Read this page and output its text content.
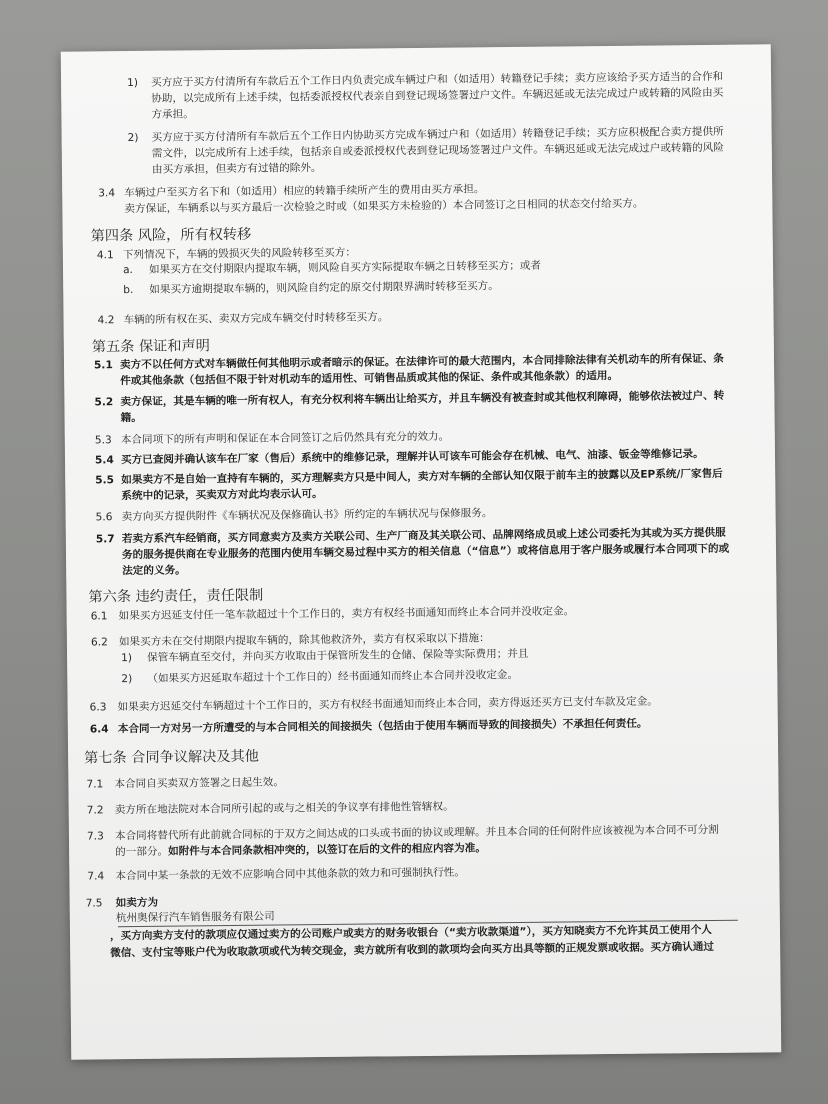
1) 买方应于买方付清所有车款后五个工作日内负责完成车辆过户和（如适用）转籍登记手续；卖方应该给予买方适当的合作和
协助，以完成所有上述手续，包括委派授权代表亲自到登记现场签署过户文件。车辆迟延或无法完成过户或转籍的风险由买
方承担。
2) 买方应于买方付清所有车款后五个工作日内协助买方完成车辆过户和（如适用）转籍登记手续；买方应积极配合卖方提供所
需文件，以完成所有上述手续，包括亲自或委派授权代表到登记现场签署过户文件。车辆迟延或无法完成过户或转籍的风险
由买方承担，但卖方有过错的除外。
3.4 车辆过户至买方名下和（如适用）相应的转籍手续所产生的费用由买方承担。
卖方保证，车辆系以与买方最后一次检验之时或（如果买方未检验的）本合同签订之日相同的状态交付给买方。
第四条 风险，所有权转移
4.1 下列情况下，车辆的毁损灭失的风险转移至买方：
a. 如果买方在交付期限内提取车辆，则风险自买方实际提取车辆之日转移至买方；或者
b. 如果买方逾期提取车辆的，则风险自约定的原交付期限界满时转移至买方。
4.2 车辆的所有权在买、卖双方完成车辆交付时转移至买方。
第五条 保证和声明
5.1 卖方不以任何方式对车辆做任何其他明示或者暗示的保证。在法律许可的最大范围内，本合同排除法律有关机动车的所有保证、条
件或其他条款（包括但不限于针对机动车的适用性、可销售品质或其他的保证、条件或其他条款）的适用。
5.2 卖方保证，其是车辆的唯一所有权人，有充分权利将车辆出让给买方，并且车辆没有被查封或其他权利障碍，能够依法被过户、转
籍。
5.3 本合同项下的所有声明和保证在本合同签订之后仍然具有充分的效力。
5.4 买方已查阅并确认该车在厂家（售后）系统中的维修记录，理解并认可该车可能会存在机械、电气、油漆、钣金等维修记录。
5.5 如果卖方不是自始一直持有车辆的，买方理解卖方只是中间人，卖方对车辆的全部认知仅限于前车主的披露以及EP系统/厂家售后
系统中的记录，买卖双方对此均表示认可。
5.6 卖方向买方提供附件《车辆状况及保修确认书》所约定的车辆状况与保修服务。
5.7 若卖方系汽车经销商，买方同意卖方及卖方关联公司、生产厂商及其关联公司、品牌网络成员或上述公司委托为其或为买方提供服
务的服务提供商在专业服务的范围内使用车辆交易过程中买方的相关信息（“信息”）或将信息用于客户服务或履行本合同项下的或
法定的义务。
第六条 违约责任，责任限制
6.1 如果买方迟延支付任一笔车款超过十个工作日的，卖方有权经书面通知而终止本合同并没收定金。
6.2 如果买方未在交付期限内提取车辆的，除其他救济外，卖方有权采取以下措施：
1) 保管车辆直至交付，并向买方收取由于保管所发生的仓储、保险等实际费用；并且
2) （如果买方迟延取车超过十个工作日的）经书面通知而终止本合同并没收定金。
6.3 如果卖方迟延交付车辆超过十个工作日的，买方有权经书面通知而终止本合同，卖方得返还买方已支付车款及定金。
6.4 本合同一方对另一方所遭受的与本合同相关的间接损失（包括由于使用车辆而导致的间接损失）不承担任何责任。
第七条 合同争议解决及其他
7.1 本合同自买卖双方签署之日起生效。
7.2 卖方所在地法院对本合同所引起的或与之相关的争议享有排他性管辖权。
7.3 本合同将替代所有此前就合同标的于双方之间达成的口头或书面的协议或理解。并且本合同的任何附件应该被视为本合同不可分割
的一部分。如附件与本合同条款相冲突的，以签订在后的文件的相应内容为准。
7.4 本合同中某一条款的无效不应影响合同中其他条款的效力和可强制执行性。
7.5 如卖方为
杭州奥保行汽车销售服务有限公司
，买方向卖方支付的款项应仅通过卖方的公司账户或卖方的财务收银台（“卖方收款渠道”），买方知晓卖方不允许其员工使用个人
微信、支付宝等账户代为收取款项或代为转交现金，卖方就所有收到的款项均会向买方出具等额的正规发票或收据。买方确认通过
